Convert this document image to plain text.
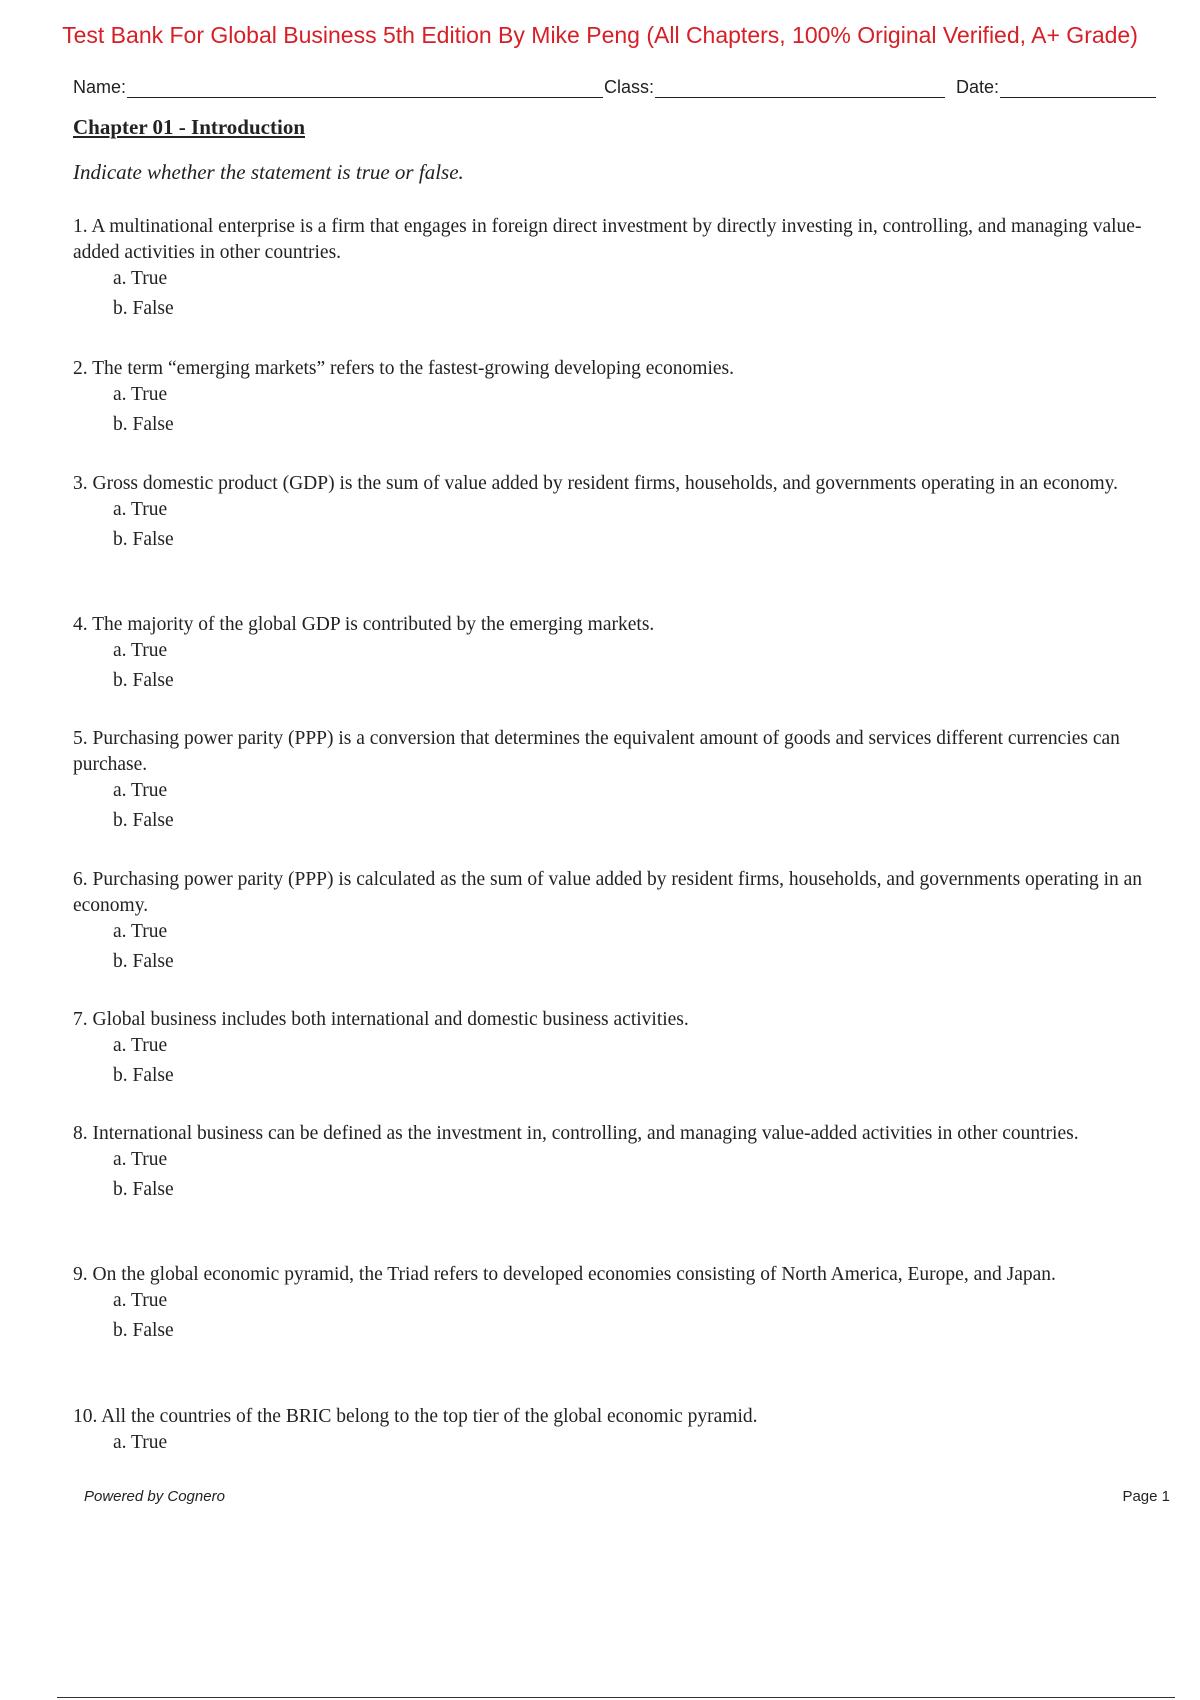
Test Bank For Global Business 5th Edition By Mike Peng (All Chapters, 100% Original Verified, A+ Grade)
Name:	Class:	Date:
Chapter 01 - Introduction
Indicate whether the statement is true or false.
1. A multinational enterprise is a firm that engages in foreign direct investment by directly investing in, controlling, and managing value-added activities in other countries.
a. True
b. False
2. The term “emerging markets” refers to the fastest-growing developing economies.
a. True
b. False
3. Gross domestic product (GDP) is the sum of value added by resident firms, households, and governments operating in an economy.
a. True
b. False
4. The majority of the global GDP is contributed by the emerging markets.
a. True
b. False
5. Purchasing power parity (PPP) is a conversion that determines the equivalent amount of goods and services different currencies can purchase.
a. True
b. False
6. Purchasing power parity (PPP) is calculated as the sum of value added by resident firms, households, and governments operating in an economy.
a. True
b. False
7. Global business includes both international and domestic business activities.
a. True
b. False
8. International business can be defined as the investment in, controlling, and managing value-added activities in other countries.
a. True
b. False
9. On the global economic pyramid, the Triad refers to developed economies consisting of North America, Europe, and Japan.
a. True
b. False
10. All the countries of the BRIC belong to the top tier of the global economic pyramid.
a. True
Powered by Cognero	Page 1
